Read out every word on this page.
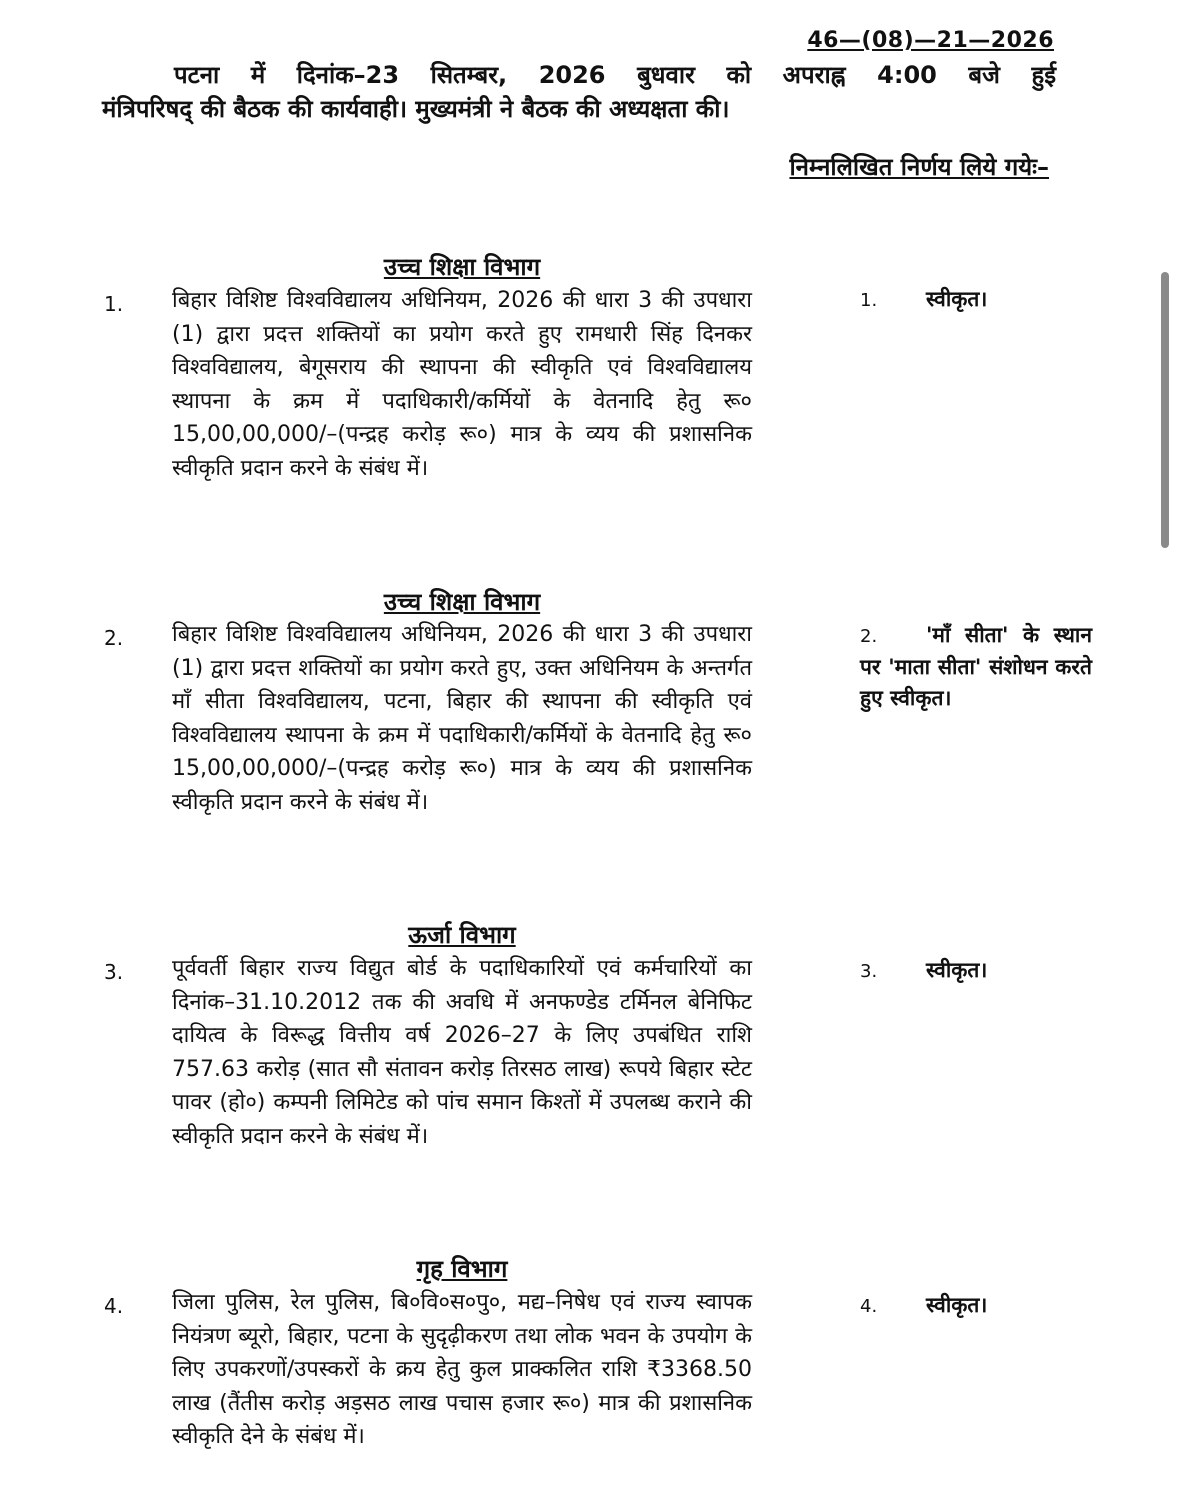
46—(08)—21—2026
पटना में दिनांक–23 सितम्बर, 2026 बुधवार को अपराह्न 4:00 बजे हुई
मंत्रिपरिषद् की बैठक की कार्यवाही। मुख्यमंत्री ने बैठक की अध्यक्षता की।
निम्नलिखित निर्णय लिये गयेः–
उच्च शिक्षा विभाग
1. बिहार विशिष्ट विश्वविद्यालय अधिनियम, 2026 की धारा 3 की उपधारा (1) द्वारा प्रदत्त शक्तियों का प्रयोग करते हुए रामधारी सिंह दिनकर विश्वविद्यालय, बेगूसराय की स्थापना की स्वीकृति एवं विश्वविद्यालय स्थापना के क्रम में पदाधिकारी/कर्मियों के वेतनादि हेतु रू० 15,00,00,000/–(पन्द्रह करोड़ रू०) मात्र के व्यय की प्रशासनिक स्वीकृति प्रदान करने के संबंध में।
1. स्वीकृत।
उच्च शिक्षा विभाग
2. बिहार विशिष्ट विश्वविद्यालय अधिनियम, 2026 की धारा 3 की उपधारा (1) द्वारा प्रदत्त शक्तियों का प्रयोग करते हुए, उक्त अधिनियम के अन्तर्गत माँ सीता विश्वविद्यालय, पटना, बिहार की स्थापना की स्वीकृति एवं विश्वविद्यालय स्थापना के क्रम में पदाधिकारी/कर्मियों के वेतनादि हेतु रू० 15,00,00,000/–(पन्द्रह करोड़ रू०) मात्र के व्यय की प्रशासनिक स्वीकृति प्रदान करने के संबंध में।
2. 'माँ सीता' के स्थान पर 'माता सीता' संशोधन करते हुए स्वीकृत।
ऊर्जा विभाग
3. पूर्ववर्ती बिहार राज्य विद्युत बोर्ड के पदाधिकारियों एवं कर्मचारियों का दिनांक–31.10.2012 तक की अवधि में अनफण्डेड टर्मिनल बेनिफिट दायित्व के विरूद्ध वित्तीय वर्ष 2026–27 के लिए उपबंधित राशि 757.63 करोड़ (सात सौ संतावन करोड़ तिरसठ लाख) रूपये बिहार स्टेट पावर (हो०) कम्पनी लिमिटेड को पांच समान किश्तों में उपलब्ध कराने की स्वीकृति प्रदान करने के संबंध में।
3. स्वीकृत।
गृह विभाग
4. जिला पुलिस, रेल पुलिस, बि०वि०स०पु०, मद्य–निषेध एवं राज्य स्वापक नियंत्रण ब्यूरो, बिहार, पटना के सुदृढ़ीकरण तथा लोक भवन के उपयोग के लिए उपकरणों/उपस्करों के क्रय हेतु कुल प्राक्कलित राशि ₹3368.50 लाख (तैंतीस करोड़ अड़सठ लाख पचास हजार रू०) मात्र की प्रशासनिक स्वीकृति देने के संबंध में।
4. स्वीकृत।
